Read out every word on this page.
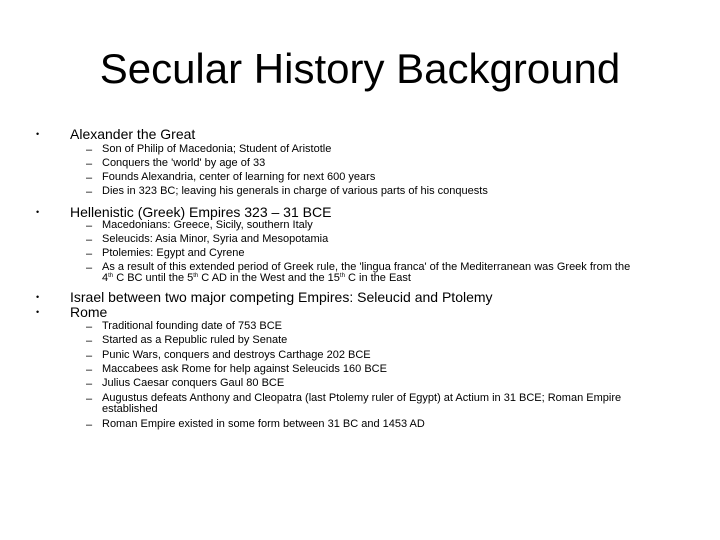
Secular History Background
• Alexander the Great
– Son of Philip of Macedonia; Student of Aristotle
– Conquers the 'world' by age of 33
– Founds Alexandria, center of learning for next 600 years
– Dies in 323 BC; leaving his generals in charge of various parts of his conquests
• Hellenistic (Greek) Empires 323 – 31 BCE
– Macedonians: Greece, Sicily, southern Italy
– Seleucids: Asia Minor, Syria and Mesopotamia
– Ptolemies: Egypt and Cyrene
– As a result of this extended period of Greek rule, the 'lingua franca' of the Mediterranean was Greek from the
4th C BC until the 5th C AD in the West and the 15th C in the East
• Israel between two major competing Empires: Seleucid and Ptolemy
• Rome
– Traditional founding date of 753 BCE
– Started as a Republic ruled by Senate
– Punic Wars, conquers and destroys Carthage 202 BCE
– Maccabees ask Rome for help against Seleucids 160 BCE
– Julius Caesar conquers Gaul 80 BCE
– Augustus defeats Anthony and Cleopatra (last Ptolemy ruler of Egypt) at Actium in 31 BCE; Roman Empire
established
– Roman Empire existed in some form between 31 BC and 1453 AD
